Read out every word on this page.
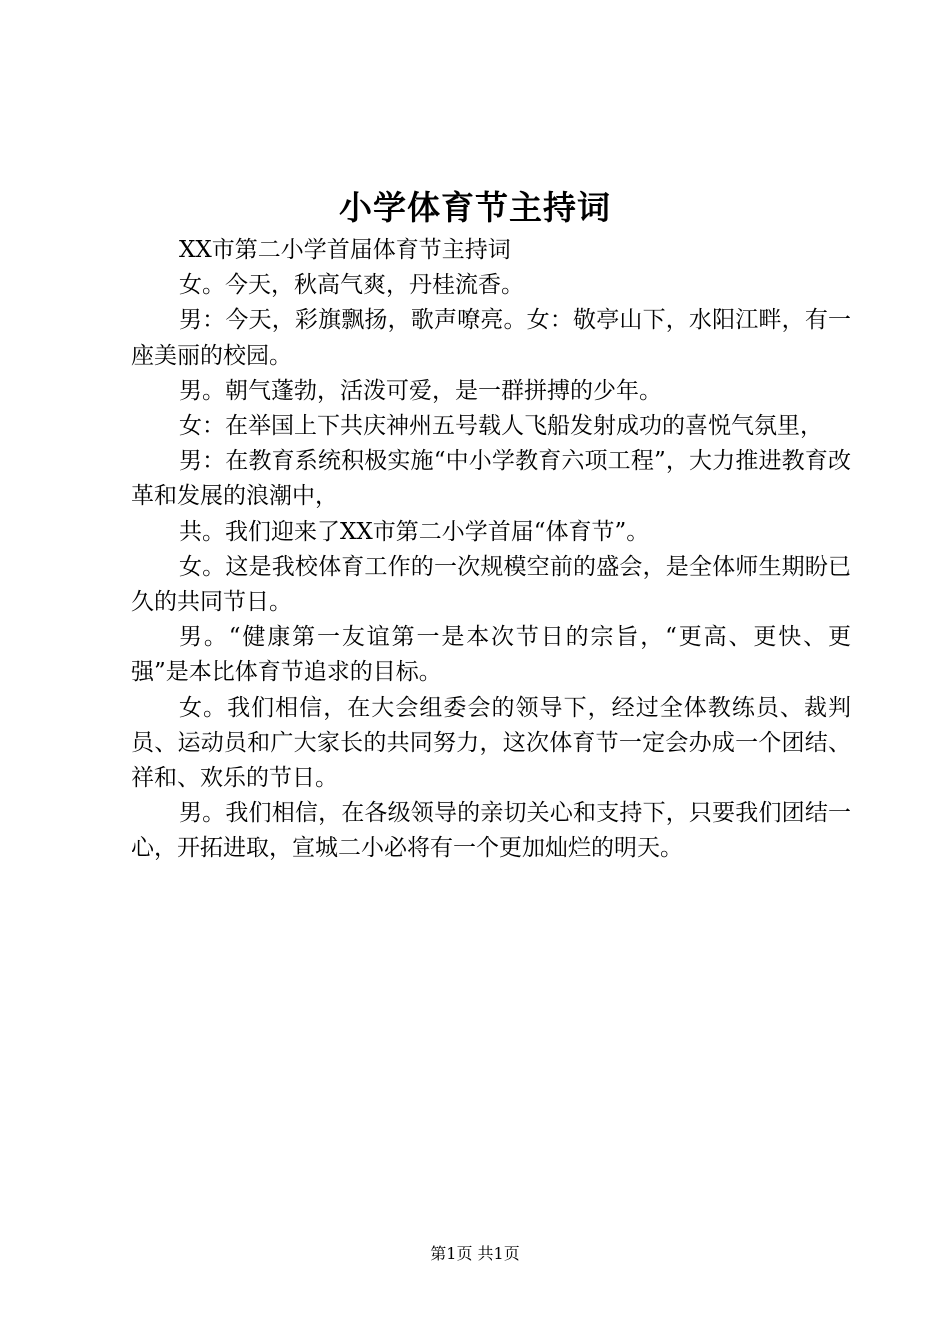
小学体育节主持词

XX市第二小学首届体育节主持词

女。今天，秋高气爽，丹桂流香。

男：今天，彩旗飘扬，歌声嘹亮。女：敬亭山下，水阳江畔，有一座美丽的校园。

男。朝气蓬勃，活泼可爱，是一群拼搏的少年。

女：在举国上下共庆神州五号载人飞船发射成功的喜悦气氛里，

男：在教育系统积极实施“中小学教育六项工程”，大力推进教育改革和发展的浪潮中，

共。我们迎来了XX市第二小学首届“体育节”。

女。这是我校体育工作的一次规模空前的盛会，是全体师生期盼已久的共同节日。

男。“健康第一友谊第一是本次节日的宗旨，“更高、更快、更强”是本比体育节追求的目标。

女。我们相信，在大会组委会的领导下，经过全体教练员、裁判员、运动员和广大家长的共同努力，这次体育节一定会办成一个团结、祥和、欢乐的节日。

男。我们相信，在各级领导的亲切关心和支持下，只要我们团结一心，开拓进取，宣城二小必将有一个更加灿烂的明天。

第1页 共1页
